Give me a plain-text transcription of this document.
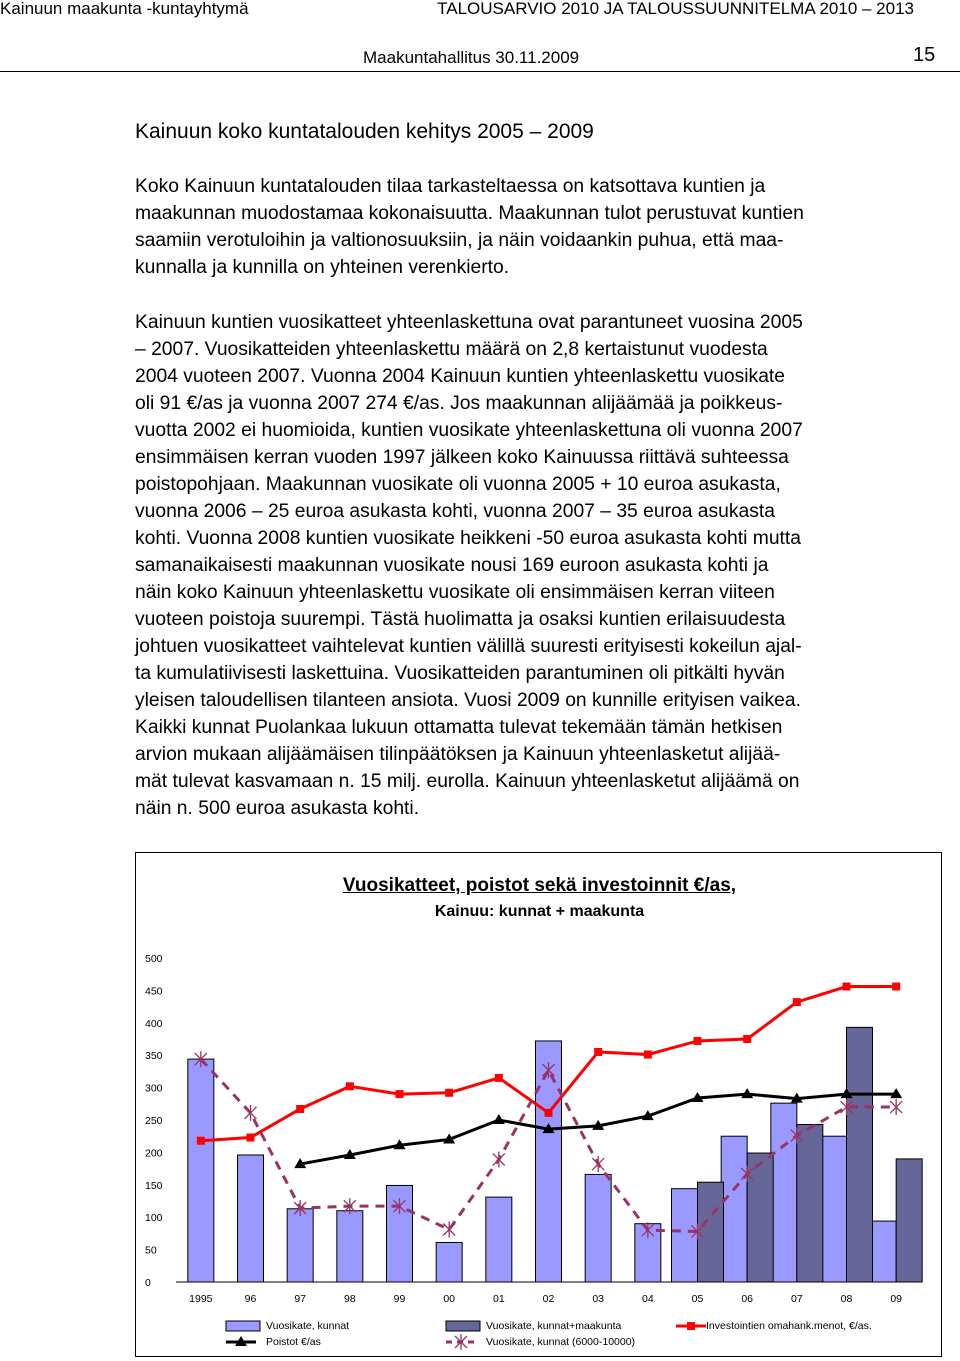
Kainuun maakunta -kuntayhtymä	TALOUSARVIO 2010 JA TALOUSSUUNNITELMA 2010 – 2013
Maakuntahallitus 30.11.2009	15
Kainuun koko kuntatalouden kehitys 2005 – 2009
Koko Kainuun kuntatalouden tilaa tarkasteltaessa on katsottava kuntien ja
maakunnan muodostamaa kokonaisuutta. Maakunnan tulot perustuvat kuntien
saamiin verotuloihin ja valtionosuuksiin, ja näin voidaankin puhua, että maa-
kunnalla ja kunnilla on yhteinen verenkierto.
Kainuun kuntien vuosikatteet yhteenlaskettuna ovat parantuneet vuosina 2005
– 2007. Vuosikatteiden yhteenlaskettu määrä on 2,8 kertaistunut vuodesta
2004 vuoteen 2007. Vuonna 2004 Kainuun kuntien yhteenlaskettu vuosikate
oli 91 €/as ja vuonna 2007 274 €/as. Jos maakunnan alijäämää ja poikkeus-
vuotta 2002 ei huomioida, kuntien vuosikate yhteenlaskettuna oli vuonna 2007
ensimmäisen kerran vuoden 1997 jälkeen koko Kainuussa riittävä suhteessa
poistopohjaan. Maakunnan vuosikate oli vuonna 2005 + 10 euroa asukasta,
vuonna 2006 – 25 euroa asukasta kohti, vuonna 2007 – 35 euroa asukasta
kohti. Vuonna 2008 kuntien vuosikate heikkeni -50 euroa asukasta kohti mutta
samanaikaisesti maakunnan vuosikate nousi 169 euroon asukasta kohti ja
näin koko Kainuun yhteenlaskettu vuosikate oli ensimmäisen kerran viiteen
vuoteen poistoja suurempi. Tästä huolimatta ja osaksi kuntien erilaisuudesta
johtuen vuosikatteet vaihtelevat kuntien välillä suuresti erityisesti kokeilun ajal-
ta kumulatiivisesti laskettuina. Vuosikatteiden parantuminen oli pitkälti hyvän
yleisen taloudellisen tilanteen ansiota. Vuosi 2009 on kunnille erityisen vaikea.
Kaikki kunnat Puolankaa lukuun ottamatta tulevat tekemään tämän hetkisen
arvion mukaan alijäämäisen tilinpäätöksen ja Kainuun yhteenlasketut alijää-
mät tulevat kasvamaan n. 15 milj. eurolla. Kainuun yhteenlasketut alijäämä on
näin n. 500 euroa asukasta kohti.
Vuosikatteet, poistot sekä investoinnit €/as,
Kainuu: kunnat + maakunta
0
50
100
150
200
250
300
350
400
450
500
1995	96	97	98	99	00	01	02	03	04	05	06	07	08	09
Vuosikate, kunnat	Vuosikate, kunnat+maakunta	Investointien omahank.menot, €/as.
Poistot €/as	Vuosikate, kunnat (6000-10000)
